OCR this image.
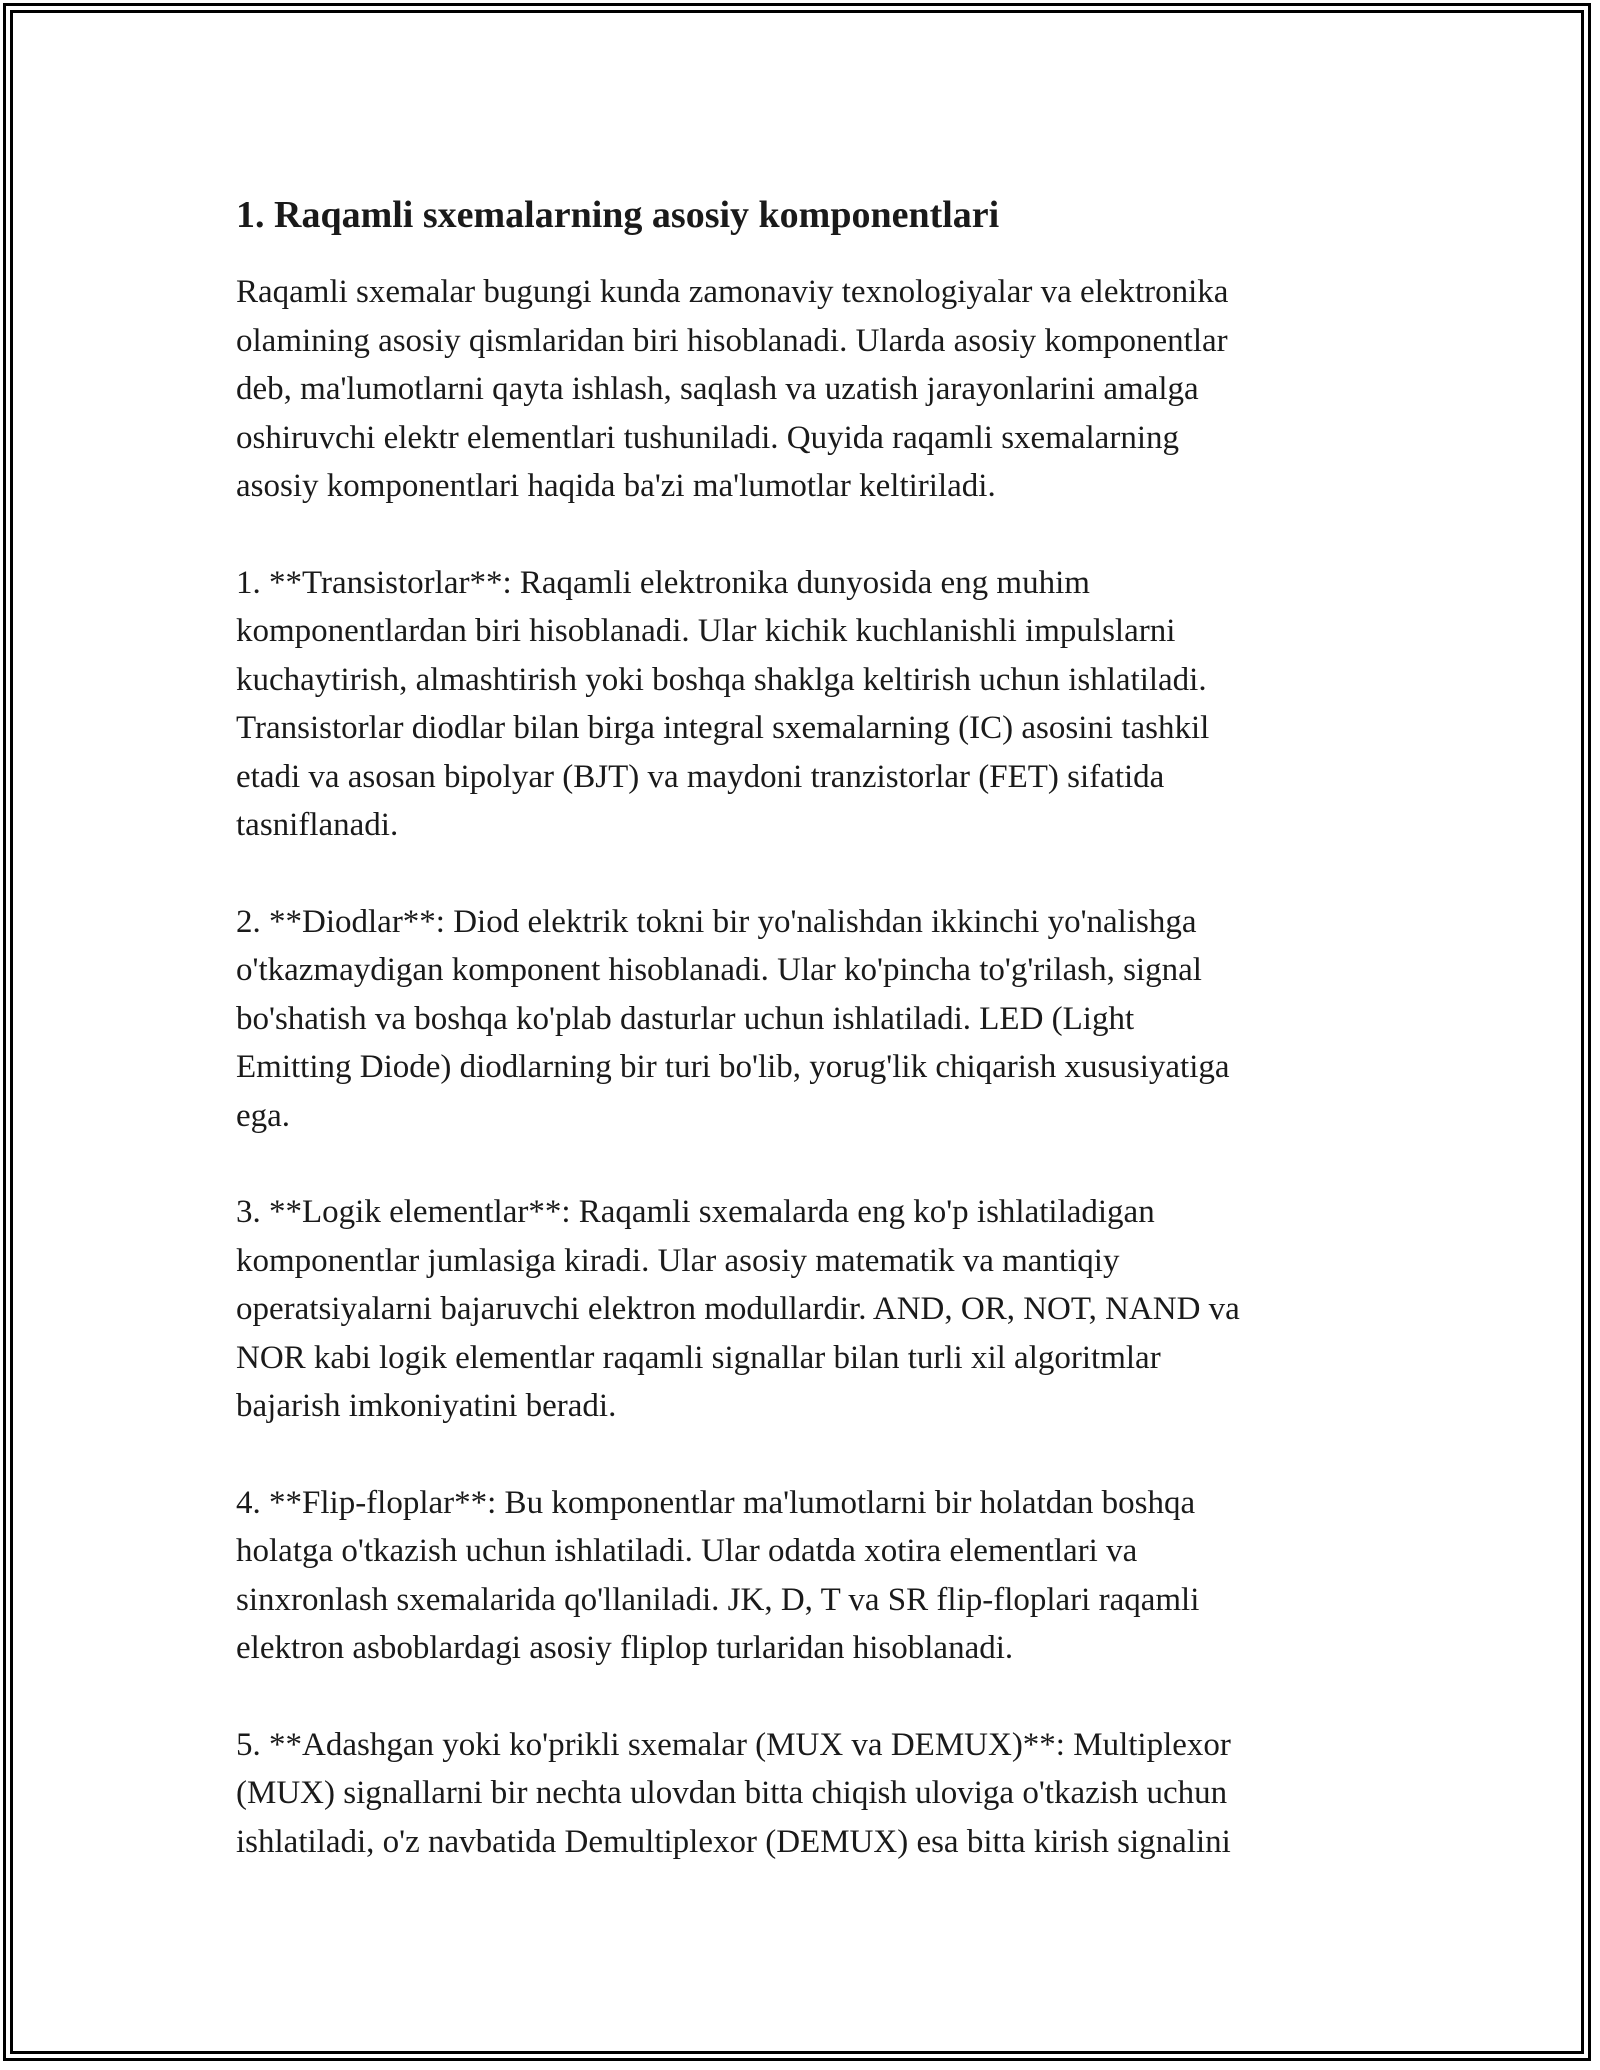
1. Raqamli sxemalarning asosiy komponentlari

Raqamli sxemalar bugungi kunda zamonaviy texnologiyalar va elektronika
olamining asosiy qismlaridan biri hisoblanadi. Ularda asosiy komponentlar
deb, ma'lumotlarni qayta ishlash, saqlash va uzatish jarayonlarini amalga
oshiruvchi elektr elementlari tushuniladi. Quyida raqamli sxemalarning
asosiy komponentlari haqida ba'zi ma'lumotlar keltiriladi.

1. **Transistorlar**: Raqamli elektronika dunyosida eng muhim
komponentlardan biri hisoblanadi. Ular kichik kuchlanishli impulslarni
kuchaytirish, almashtirish yoki boshqa shaklga keltirish uchun ishlatiladi.
Transistorlar diodlar bilan birga integral sxemalarning (IC) asosini tashkil
etadi va asosan bipolyar (BJT) va maydoni tranzistorlar (FET) sifatida
tasniflanadi.

2. **Diodlar**: Diod elektrik tokni bir yo'nalishdan ikkinchi yo'nalishga
o'tkazmaydigan komponent hisoblanadi. Ular ko'pincha to'g'rilash, signal
bo'shatish va boshqa ko'plab dasturlar uchun ishlatiladi. LED (Light
Emitting Diode) diodlarning bir turi bo'lib, yorug'lik chiqarish xususiyatiga
ega.

3. **Logik elementlar**: Raqamli sxemalarda eng ko'p ishlatiladigan
komponentlar jumlasiga kiradi. Ular asosiy matematik va mantiqiy
operatsiyalarni bajaruvchi elektron modullardir. AND, OR, NOT, NAND va
NOR kabi logik elementlar raqamli signallar bilan turli xil algoritmlar
bajarish imkoniyatini beradi.

4. **Flip-floplar**: Bu komponentlar ma'lumotlarni bir holatdan boshqa
holatga o'tkazish uchun ishlatiladi. Ular odatda xotira elementlari va
sinxronlash sxemalarida qo'llaniladi. JK, D, T va SR flip-floplari raqamli
elektron asboblardagi asosiy fliplop turlaridan hisoblanadi.

5. **Adashgan yoki ko'prikli sxemalar (MUX va DEMUX)**: Multiplexor
(MUX) signallarni bir nechta ulovdan bitta chiqish uloviga o'tkazish uchun
ishlatiladi, o'z navbatida Demultiplexor (DEMUX) esa bitta kirish signalini
